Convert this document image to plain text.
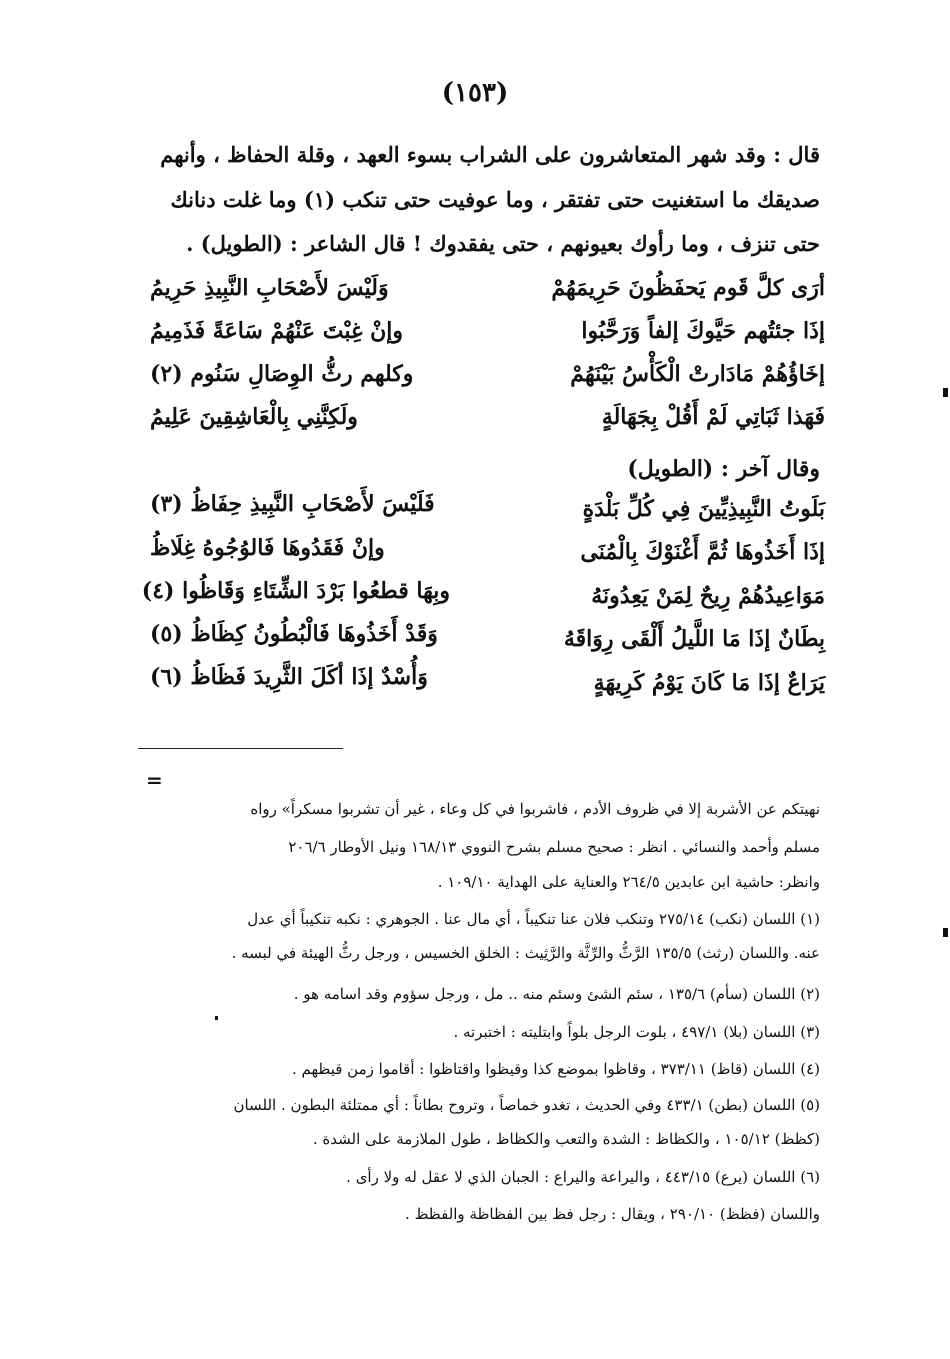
(١٥٣)
قال : وقد شهر المتعاشرون على الشراب بسوء العهد ، وقلة الحفاظ ، وأنهم
صديقك ما استغنيت حتى تفتقر ، وما عوفيت حتى تنكب (١) وما غلت دنانك
حتى تنزف ، وما رأوك بعيونهم ، حتى يفقدوك ! قال الشاعر : (الطويل) .
أرَى كلَّ قَوم يَحفَظُونَ حَرِيمَهُمْ
وَلَيْسَ لأَصْحَابِ النَّبِيذِ حَرِيمُ
إذَا جئتُهم حَيَّوكَ إلفاً وَرَحَّبُوا
وإنْ غِبْتَ عَنْهُمْ سَاعَةً فَذَمِيمُ
إخَاؤُهُمْ مَادَارتْ الْكَأْسُ بَيْنَهُمْ
وكلهم رثُّ الوِصَالِ سَنُوم (٢)
فَهَذا ثَبَاتِي لَمْ أَقُلْ بِجَهَالَةٍ
ولَكِنَّنِي بِالْعَاشِقِينَ عَلِيمُ
وقال آخر : (الطويل)
بَلَوتُ النَّبِيذِيِّينَ فِي كُلِّ بَلْدَةٍ
فَلَيْسَ لأَصْحَابِ النَّبِيذِ حِفَاظُ (٣)
إذَا أَخَذُوهَا ثُمَّ أَغْنَوْكَ بِالْمُنَى
وإنْ فَقَدُوهَا فَالوُجُوهُ غِلَاظُ
مَوَاعِيدُهُمْ رِيحٌ لِمَنْ يَعِدُونَهُ
وبِهَا قطعُوا بَرْدَ الشِّتَاءِ وَقَاظُوا (٤)
بِطَانٌ إذَا مَا اللَّيلُ أَلْقَى رِوَاقَهُ
وَقَدْ أَخَذُوهَا فَالْبُطُونُ كِظَاظُ (٥)
يَرَاعٌ إذَا مَا كَانَ يَوْمُ كَرِيهَةٍ
وَأُسْدٌ إذَا أكَلَ الثَّرِيدَ فَظَاظُ (٦)
=
نهيتكم عن الأشربة إلا في ظروف الأدم ، فاشربوا في كل وعاء ، غير أن تشربوا مسكراً» رواه
مسلم وأحمد والنسائي . انظر : صحيح مسلم بشرح النووي ١٦٨/١٣ ونيل الأوطار ٢٠٦/٦
وانظر: حاشية ابن عابدين ٢٦٤/٥ والعناية على الهداية ١٠٩/١٠ .
(١) اللسان (نكب) ٢٧٥/١٤ وتنكب فلان عنا تنكيباً ، أي مال عنا . الجوهري : نكبه تنكيباً أي عدل
عنه. واللسان (رثث) ١٣٥/٥ الرَّثُّ والرِّثَّة والرَّثِيث : الخلق الخسيس ، ورجل رثُّ الهيئة في لبسه .
(٢) اللسان (سأم) ١٣٥/٦ ، سئم الشئ وسئم منه .. مل ، ورجل سؤوم وقد اسامه هو .
(٣) اللسان (بلا) ٤٩٧/١ ، بلوت الرجل بلواً وابتليته : اختبرته .
(٤) اللسان (قاظ) ٣٧٣/١١ ، وقاظوا بموضع كذا وقيظوا واقتاظوا : أقاموا زمن قيظهم .
(٥) اللسان (بطن) ٤٣٣/١ وفي الحديث ، تغدو خماصاً ، وتروح بطاناً : أي ممتلئة البطون . اللسان
(كظظ) ١٠٥/١٢ ، والكظاظ : الشدة والتعب والكظاظ ، طول الملازمة على الشدة .
(٦) اللسان (يرع) ٤٤٣/١٥ ، واليراعة واليراع : الجبان الذي لا عقل له ولا رأى .
واللسان (فظظ) ٢٩٠/١٠ ، ويقال : رجل فظ بين الفظاظة والفظظ .
